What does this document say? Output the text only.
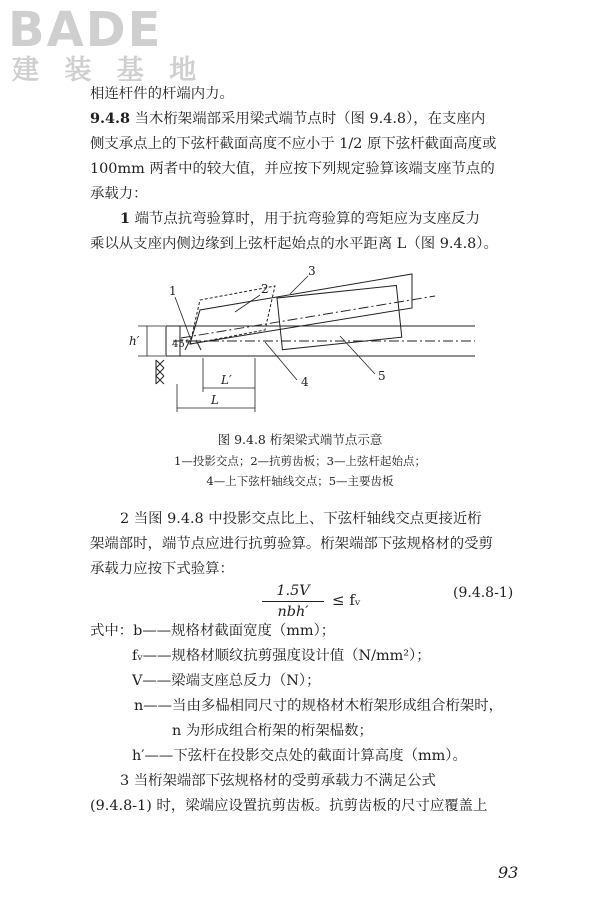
BADE
建 装 基 地
相连杆件的杆端内力。
9.4.8 当木桁架端部采用梁式端节点时（图 9.4.8），在支座内
侧支承点上的下弦杆截面高度不应小于 1/2 原下弦杆截面高度或
100mm 两者中的较大值，并应按下列规定验算该端支座节点的
承载力：
1 端节点抗弯验算时，用于抗弯验算的弯矩应为支座反力
乘以从支座内侧边缘到上弦杆起始点的水平距离 L（图 9.4.8）。
1	2
3
4	5
h′	45°
L′
L
图 9.4.8 桁架梁式端节点示意
1—投影交点；2—抗剪齿板；3—上弦杆起始点；
4—上下弦杆轴线交点；5—主要齿板
2 当图 9.4.8 中投影交点比上、下弦杆轴线交点更接近桁
架端部时，端节点应进行抗剪验算。桁架端部下弦规格材的受剪
承载力应按下式验算：
1.5V
nbh′
≤ fᵥ	(9.4.8-1)
式中：b——规格材截面宽度（mm）；
fᵥ——规格材顺纹抗剪强度设计值（N/mm²）；
V——梁端支座总反力（N）；
n——当由多榀相同尺寸的规格材木桁架形成组合桁架时，
n 为形成组合桁架的桁架榀数；
h′——下弦杆在投影交点处的截面计算高度（mm）。
3 当桁架端部下弦规格材的受剪承载力不满足公式
(9.4.8-1) 时，梁端应设置抗剪齿板。抗剪齿板的尺寸应覆盖上
93
